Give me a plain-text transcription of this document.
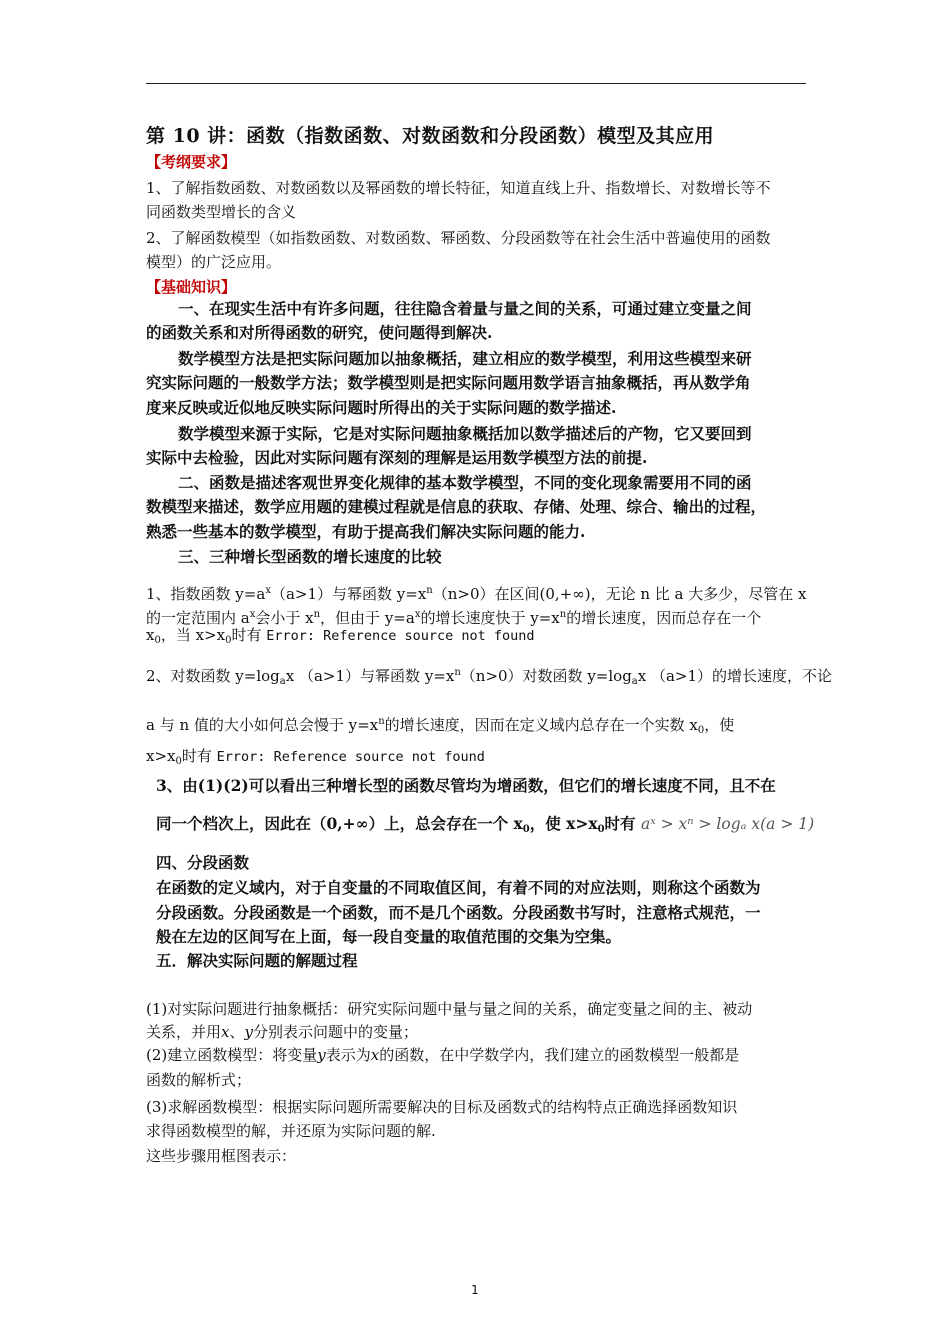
第 10 讲：函数（指数函数、对数函数和分段函数）模型及其应用
【考纲要求】
1、了解指数函数、对数函数以及幂函数的增长特征，知道直线上升、指数增长、对数增长等不
同函数类型增长的含义
2、了解函数模型（如指数函数、对数函数、幂函数、分段函数等在社会生活中普遍使用的函数
模型）的广泛应用。
【基础知识】
一、在现实生活中有许多问题，往往隐含着量与量之间的关系，可通过建立变量之间
的函数关系和对所得函数的研究，使问题得到解决.
数学模型方法是把实际问题加以抽象概括，建立相应的数学模型，利用这些模型来研
究实际问题的一般数学方法；数学模型则是把实际问题用数学语言抽象概括，再从数学角
度来反映或近似地反映实际问题时所得出的关于实际问题的数学描述.
数学模型来源于实际，它是对实际问题抽象概括加以数学描述后的产物，它又要回到
实际中去检验，因此对实际问题有深刻的理解是运用数学模型方法的前提.
二、函数是描述客观世界变化规律的基本数学模型，不同的变化现象需要用不同的函
数模型来描述，数学应用题的建模过程就是信息的获取、存储、处理、综合、输出的过程，
熟悉一些基本的数学模型，有助于提高我们解决实际问题的能力.
三、三种增长型函数的增长速度的比较
1、指数函数 $y=a^x(a>1)$与幂函数 $y=x^n(n>0)$在区间(0,+∞)，无论 n 比 a 大多少，尽管在 x
的一定范围内 $a^x$会小于 $x^n$，但由于 $y=a^x$的增长速度快于 $y=x^n$的增长速度，因而总存在一个
$x_0$，当 $x>x_0$时有 Error: Reference source not found
2、对数函数 $y=\log_ax$ （a>1）与幂函数 $y=x^n(n>0)$对数函数 $y=\log_ax$ （a>1）的增长速度，不论
a 与 n 值的大小如何总会慢于 $y=x^n$的增长速度，因而在定义域内总存在一个实数 $x_0$，使
$x>x_0$时有 Error: Reference source not found
3、由(1)(2)可以看出三种增长型的函数尽管均为增函数，但它们的增长速度不同，且不在
同一个档次上，因此在（0,+∞）上，总会存在一个 $x_0$，使 $x>x_0$时有 aˣ > xⁿ > logₐ x(a > 1)
四、分段函数
在函数的定义域内，对于自变量的不同取值区间，有着不同的对应法则，则称这个函数为
分段函数。分段函数是一个函数，而不是几个函数。分段函数书写时，注意格式规范，一
般在左边的区间写在上面，每一段自变量的取值范围的交集为空集。
五．解决实际问题的解题过程
(1)对实际问题进行抽象概括：研究实际问题中量与量之间的关系，确定变量之间的主、被动
关系，并用x、y分别表示问题中的变量；
(2)建立函数模型：将变量y表示为x的函数，在中学数学内，我们建立的函数模型一般都是
函数的解析式；
(3)求解函数模型：根据实际问题所需要解决的目标及函数式的结构特点正确选择函数知识
求得函数模型的解，并还原为实际问题的解.
这些步骤用框图表示：
1
